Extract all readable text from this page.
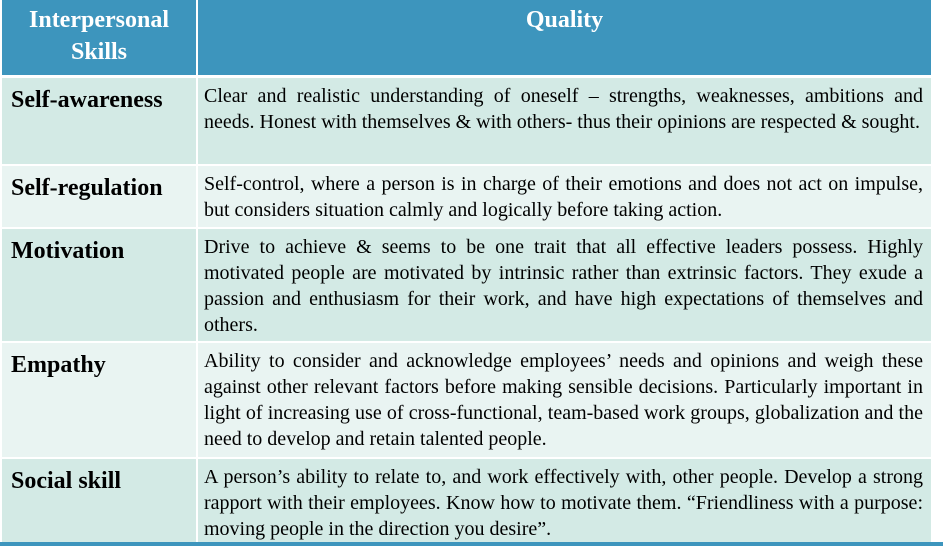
Interpersonal Skills	Quality
Self-awareness	Clear and realistic understanding of oneself – strengths, weaknesses, ambitions and needs. Honest with themselves & with others- thus their opinions are respected & sought.
Self-regulation	Self-control, where a person is in charge of their emotions and does not act on impulse, but considers situation calmly and logically before taking action.
Motivation	Drive to achieve & seems to be one trait that all effective leaders possess. Highly motivated people are motivated by intrinsic rather than extrinsic factors. They exude a passion and enthusiasm for their work, and have high expectations of themselves and others.
Empathy	Ability to consider and acknowledge employees’ needs and opinions and weigh these against other relevant factors before making sensible decisions. Particularly important in light of increasing use of cross-functional, team-based work groups, globalization and the need to develop and retain talented people.
Social skill	A person’s ability to relate to, and work effectively with, other people. Develop a strong rapport with their employees. Know how to motivate them. “Friendliness with a purpose: moving people in the direction you desire”.
